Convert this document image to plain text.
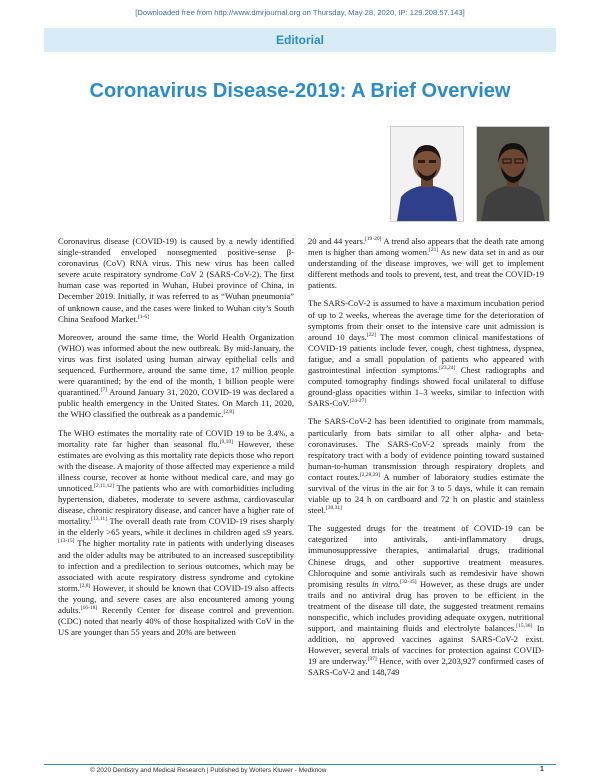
[Downloaded free from http://www.dmrjournal.org on Thursday, May 28, 2020, IP: 129.208.57.143]
Editorial
Coronavirus Disease-2019: A Brief Overview

Coronavirus disease (COVID-19) is caused by a newly identified single-stranded enveloped nonsegmented positive-sense β-coronavirus (CoV) RNA virus. This new virus has been called severe acute respiratory syndrome CoV 2 (SARS-CoV-2). The first human case was reported in Wuhan, Hubei province of China, in December 2019. Initially, it was referred to as “Wuhan pneumonia” of unknown cause, and the cases were linked to Wuhan city’s South China Seafood Market.[1-6]

Moreover, around the same time, the World Health Organization (WHO) was informed about the new outbreak. By mid-January, the virus was first isolated using human airway epithelial cells and sequenced. Furthermore, around the same time, 17 million people were quarantined; by the end of the month, 1 billion people were quarantined.[7] Around January 31, 2020, COVID-19 was declared a public health emergency in the United States. On March 11, 2020, the WHO classified the outbreak as a pandemic.[2,8]

The WHO estimates the mortality rate of COVID 19 to be 3.4%, a mortality rate far higher than seasonal flu.[9,10] However, these estimates are evolving as this mortality rate depicts those who report with the disease. A majority of those affected may experience a mild illness course, recover at home without medical care, and may go unnoticed.[2,11,12] The patients who are with comorbidities including hypertension, diabetes, moderate to severe asthma, cardiovascular disease, chronic respiratory disease, and cancer have a higher rate of mortality.[13,11] The overall death rate from COVID-19 rises sharply in the elderly >65 years, while it declines in children aged ≤9 years.[13-15] The higher mortality rate in patients with underlying diseases and the older adults may be attributed to an increased susceptibility to infection and a predilection to serious outcomes, which may be associated with acute respiratory distress syndrome and cytokine storm.[2,8] However, it should be known that COVID-19 also affects the young, and severe cases are also encountered among young adults.[16-18] Recently Center for disease control and prevention. (CDC) noted that nearly 40% of those hospitalized with CoV in the US are younger than 55 years and 20% are between

20 and 44 years.[19-20] A trend also appears that the death rate among men is higher than among women.[21] As new data set in and as our understanding of the disease improves, we will get to implement different methods and tools to prevent, test, and treat the COVID-19 patients.

The SARS-CoV-2 is assumed to have a maximum incubation period of up to 2 weeks, whereas the average time for the deterioration of symptoms from their onset to the intensive care unit admission is around 10 days.[22] The most common clinical manifestations of COVID-19 patients include fever, cough, chest tightness, dyspnea, fatigue, and a small population of patients who appeared with gastrointestinal infection symptoms.[23,24] Chest radiographs and computed tomography findings showed focal unilateral to diffuse ground-glass opacities within 1–3 weeks, similar to infection with SARS-CoV.[24-27]

The SARS-CoV-2 has been identified to originate from mammals, particularly from bats similar to all other alpha- and beta-coronaviruses. The SARS-CoV-2 spreads mainly from the respiratory tract with a body of evidence pointing toward sustained human-to-human transmission through respiratory droplets and contact routes.[2,28,29] A number of laboratory studies estimate the survival of the virus in the air for 3 to 5 days, while it can remain viable up to 24 h on cardboard and 72 h on plastic and stainless steel.[30,31]

The suggested drugs for the treatment of COVID-19 can be categorized into antivirals, anti-inflammatory drugs, immunosuppressive therapies, antimalarial drugs, traditional Chinese drugs, and other supportive treatment measures. Chloroquine and some antivirals such as remdesivir have shown promising results in vitro.[32-35] However, as these drugs are under trails and no antiviral drug has proven to be efficient in the treatment of the disease till date, the suggested treatment remains nonspecific, which includes providing adequate oxygen, nutritional support, and maintaining fluids and electrolyte balances.[15,36] In addition, no approved vaccines against SARS-CoV-2 exist. However, several trials of vaccines for protection against COVID-19 are underway.[37] Hence, with over 2,203,927 confirmed cases of SARS-CoV-2 and 148,749

© 2020 Dentistry and Medical Research | Published by Wolters Kluwer - Medknow	1
